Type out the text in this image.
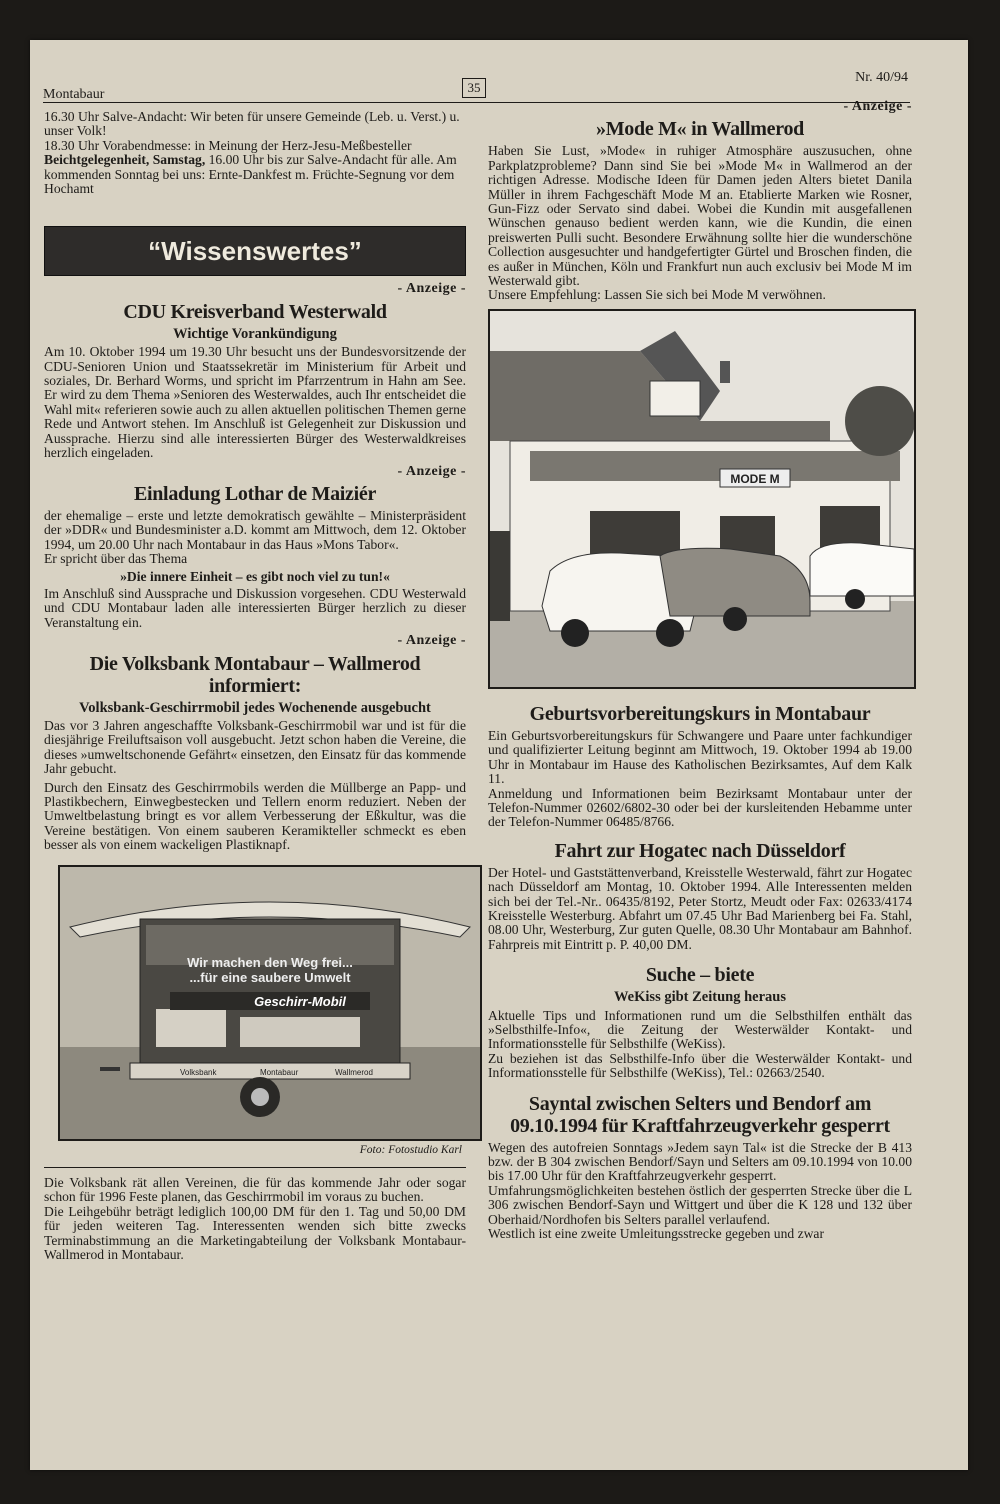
Montabaur	35
Nr. 40/94

16.30 Uhr Salve-Andacht: Wir beten für unsere Gemeinde (Leb. u. Verst.) u. unser Volk!

18.30 Uhr Vorabendmesse: in Meinung der Herz-Jesu-Meßbesteller

Beichtgelegenheit, Samstag, 16.00 Uhr bis zur Salve-Andacht für alle. Am kommenden Sonntag bei uns: Ernte-Dankfest m. Früchte-Segnung vor dem Hochamt

“Wissenswertes”
- Anzeige -
CDU Kreisverband Westerwald
Wichtige Vorankündigung

Am 10. Oktober 1994 um 19.30 Uhr besucht uns der Bundesvorsitzende der CDU-Senioren Union und Staatssekretär im Ministerium für Arbeit und soziales, Dr. Berhard Worms, und spricht im Pfarrzentrum in Hahn am See. Er wird zu dem Thema »Senioren des Westerwaldes, auch Ihr entscheidet die Wahl mit« referieren sowie auch zu allen aktuellen politischen Themen gerne Rede und Antwort stehen. Im Anschluß ist Gelegenheit zur Diskussion und Aussprache. Hierzu sind alle interessierten Bürger des Westerwaldkreises herzlich eingeladen.

- Anzeige -
Einladung Lothar de Maiziér

der ehemalige – erste und letzte demokratisch gewählte – Ministerpräsident der »DDR« und Bundesminister a.D. kommt am Mittwoch, dem 12. Oktober 1994, um 20.00 Uhr nach Montabaur in das Haus »Mons Tabor«.

Er spricht über das Thema

»Die innere Einheit – es gibt noch viel zu tun!«

Im Anschluß sind Aussprache und Diskussion vorgesehen. CDU Westerwald und CDU Montabaur laden alle interessierten Bürger herzlich zu dieser Veranstaltung ein.

- Anzeige -
Die Volksbank Montabaur – Wallmerod informiert:
Volksbank-Geschirrmobil jedes Wochenende ausgebucht

Das vor 3 Jahren angeschaffte Volksbank-Geschirrmobil war und ist für die diesjährige Freiluftsaison voll ausgebucht. Jetzt schon haben die Vereine, die dieses »umweltschonende Gefährt« einsetzen, den Einsatz für das kommende Jahr gebucht.

Durch den Einsatz des Geschirrmobils werden die Müllberge an Papp- und Plastikbechern, Einwegbestecken und Tellern enorm reduziert. Neben der Umweltbelastung bringt es vor allem Verbesserung der Eßkultur, was die Vereine bestätigen. Von einem sauberen Keramikteller schmeckt es eben besser als von einem wackeligen Plastiknapf.

Wir machen den Weg frei...
...für eine saubere Umwelt
Geschirr-Mobil
Volksbank	Montabaur	Wallmerod
Foto: Fotostudio Karl

Die Volksbank rät allen Vereinen, die für das kommende Jahr oder sogar schon für 1996 Feste planen, das Geschirrmobil im voraus zu buchen.

Die Leihgebühr beträgt lediglich 100,00 DM für den 1. Tag und 50,00 DM für jeden weiteren Tag. Interessenten wenden sich bitte zwecks Terminabstimmung an die Marketingabteilung der Volksbank Montabaur-Wallmerod in Montabaur.

- Anzeige -
»Mode M« in Wallmerod

Haben Sie Lust, »Mode« in ruhiger Atmosphäre auszusuchen, ohne Parkplatzprobleme? Dann sind Sie bei »Mode M« in Wallmerod an der richtigen Adresse. Modische Ideen für Damen jeden Alters bietet Danila Müller in ihrem Fachgeschäft Mode M an. Etablierte Marken wie Rosner, Gun-Fizz oder Servato sind dabei. Wobei die Kundin mit ausgefallenen Wünschen genauso bedient werden kann, wie die Kundin, die einen preiswerten Pulli sucht. Besondere Erwähnung sollte hier die wunderschöne Collection ausgesuchter und handgefertigter Gürtel und Broschen finden, die es außer in München, Köln und Frankfurt nun auch exclusiv bei Mode M im Westerwald gibt.

Unsere Empfehlung: Lassen Sie sich bei Mode M verwöhnen.

MODE M
Geburtsvorbereitungskurs in Montabaur

Ein Geburtsvorbereitungskurs für Schwangere und Paare unter fachkundiger und qualifizierter Leitung beginnt am Mittwoch, 19. Oktober 1994 ab 19.00 Uhr in Montabaur im Hause des Katholischen Bezirksamtes, Auf dem Kalk 11.

Anmeldung und Informationen beim Bezirksamt Montabaur unter der Telefon-Nummer 02602/6802-30 oder bei der kursleitenden Hebamme unter der Telefon-Nummer 06485/8766.

Fahrt zur Hogatec nach Düsseldorf

Der Hotel- und Gaststättenverband, Kreisstelle Westerwald, fährt zur Hogatec nach Düsseldorf am Montag, 10. Oktober 1994. Alle Interessenten melden sich bei der Tel.-Nr.. 06435/8192, Peter Stortz, Meudt oder Fax: 02633/4174 Kreisstelle Westerburg. Abfahrt um 07.45 Uhr Bad Marienberg bei Fa. Stahl, 08.00 Uhr, Westerburg, Zur guten Quelle, 08.30 Uhr Montabaur am Bahnhof. Fahrpreis mit Eintritt p. P. 40,00 DM.

Suche – biete
WeKiss gibt Zeitung heraus

Aktuelle Tips und Informationen rund um die Selbsthilfen enthält das »Selbsthilfe-Info«, die Zeitung der Westerwälder Kontakt- und Informationsstelle für Selbsthilfe (WeKiss).

Zu beziehen ist das Selbsthilfe-Info über die Westerwälder Kontakt- und Informationsstelle für Selbsthilfe (WeKiss), Tel.: 02663/2540.

Sayntal zwischen Selters und Bendorf am 09.10.1994 für Kraftfahrzeugverkehr gesperrt

Wegen des autofreien Sonntags »Jedem sayn Tal« ist die Strecke der B 413 bzw. der B 304 zwischen Bendorf/Sayn und Selters am 09.10.1994 von 10.00 bis 17.00 Uhr für den Kraftfahrzeugverkehr gesperrt.

Umfahrungsmöglichkeiten bestehen östlich der gesperrten Strecke über die L 306 zwischen Bendorf-Sayn und Wittgert und über die K 128 und 132 über Oberhaid/Nordhofen bis Selters parallel verlaufend.

Westlich ist eine zweite Umleitungsstrecke gegeben und zwar
